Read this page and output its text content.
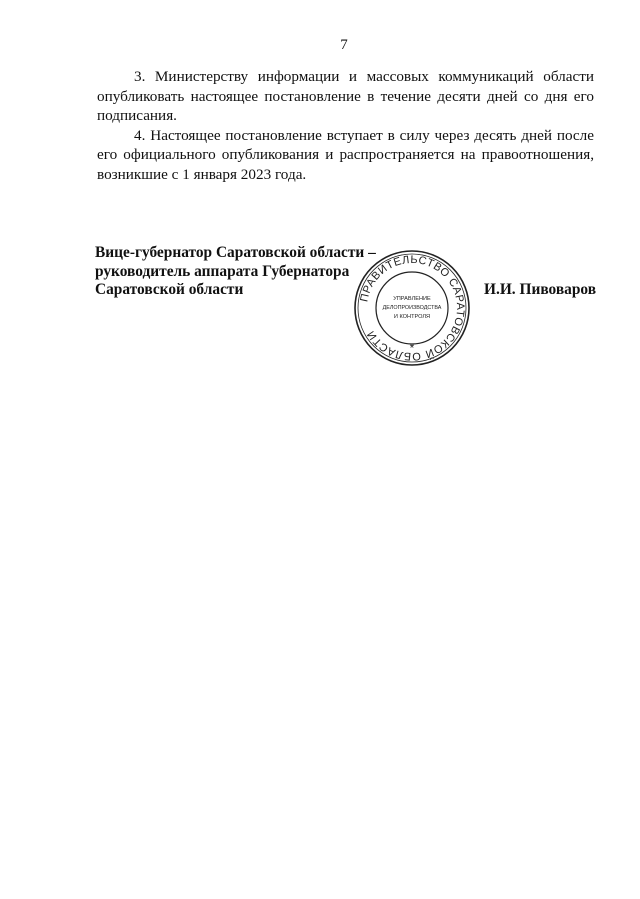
7

3. Министерству информации и массовых коммуникаций области опубликовать настоящее постановление в течение десяти дней со дня его подписания.

4. Настоящее постановление вступает в силу через десять дней после его официального опубликования и распространяется на правоотношения, возникшие с 1 января 2023 года.

Вице-губернатор Саратовской области –
руководитель аппарата Губернатора
Саратовской области	ПРАВИТЕЛЬСТВО САРАТОВСКОЙ ОБЛАСТИ
УПРАВЛЕНИЕ
ДЕЛОПРОИЗВОДСТВА
И КОНТРОЛЯ
*
И.И. Пивоваров
